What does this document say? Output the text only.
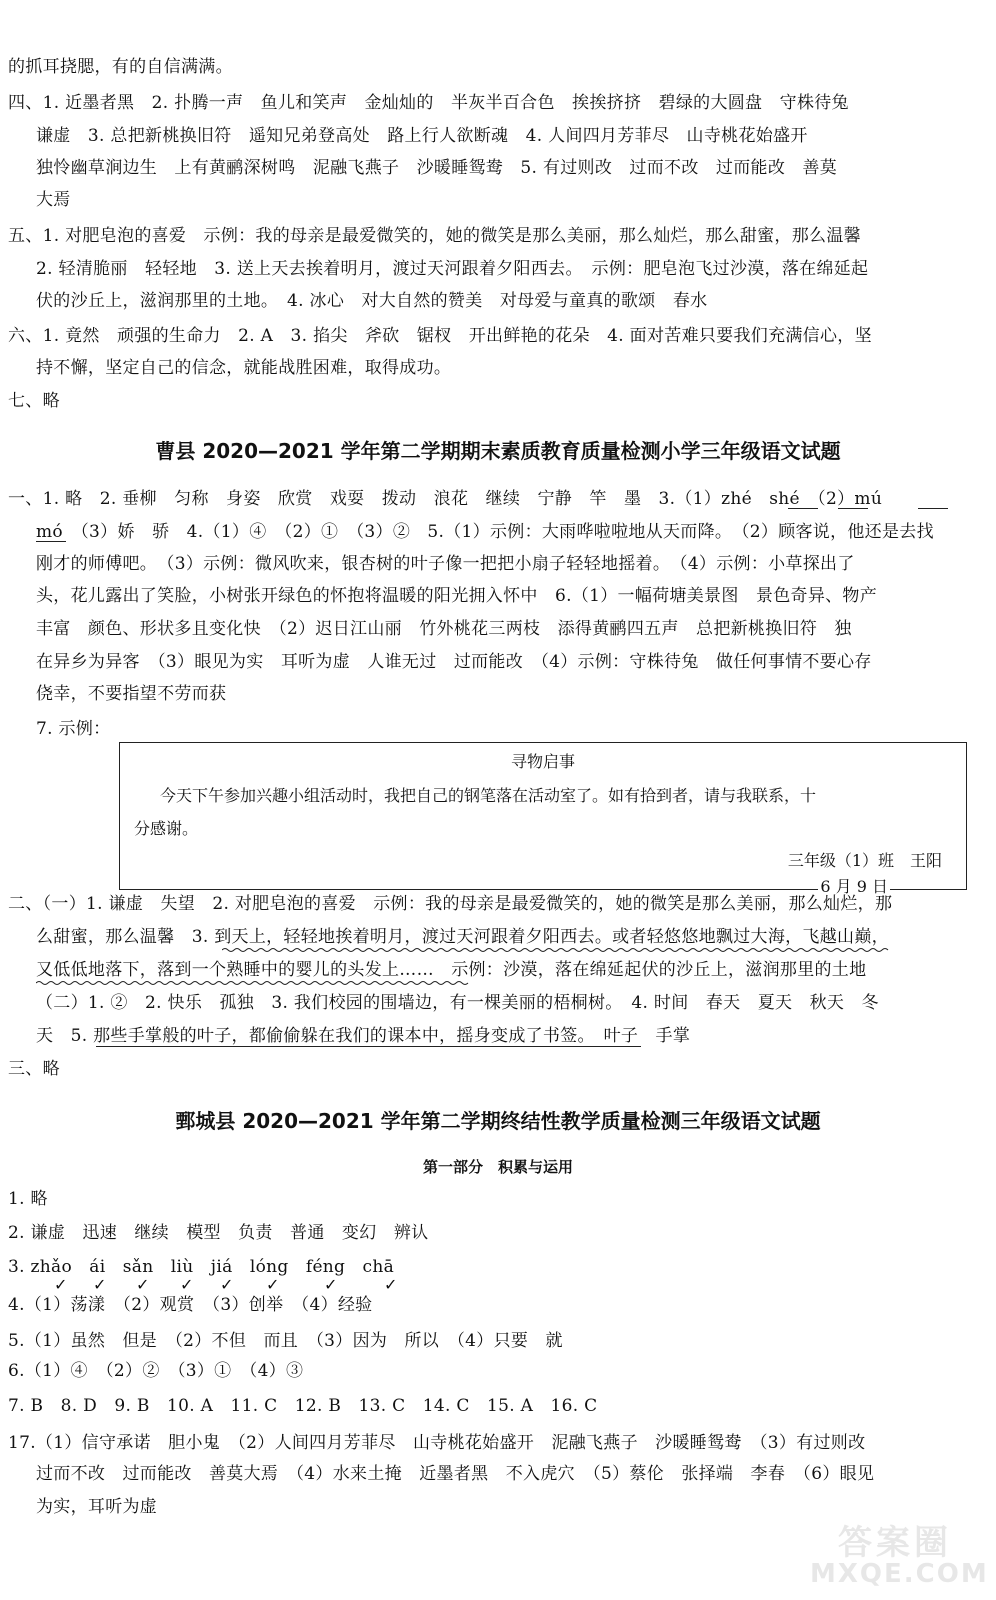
的抓耳挠腮，有的自信满满。
四、1. 近墨者黑　2. 扑腾一声　鱼儿和笑声　金灿灿的　半灰半百合色　挨挨挤挤　碧绿的大圆盘　守株待兔
谦虚　3. 总把新桃换旧符　遥知兄弟登高处　路上行人欲断魂　4. 人间四月芳菲尽　山寺桃花始盛开
独怜幽草涧边生　上有黄鹂深树鸣　泥融飞燕子　沙暖睡鸳鸯　5. 有过则改　过而不改　过而能改　善莫
大焉
五、1. 对肥皂泡的喜爱　示例：我的母亲是最爱微笑的，她的微笑是那么美丽，那么灿烂，那么甜蜜，那么温馨
2. 轻清脆丽　轻轻地　3. 送上天去挨着明月，渡过天河跟着夕阳西去。　示例：肥皂泡飞过沙漠，落在绵延起
伏的沙丘上，滋润那里的土地。　4. 冰心　对大自然的赞美　对母爱与童真的歌颂　春水
六、1. 竟然　顽强的生命力　2. A　3. 掐尖　斧砍　锯杈　开出鲜艳的花朵　4. 面对苦难只要我们充满信心，坚
持不懈，坚定自己的信念，就能战胜困难，取得成功。
七、略
曹县 2020—2021 学年第二学期期末素质教育质量检测小学三年级语文试题
一、1. 略　2. 垂柳　匀称　身姿　欣赏　戏耍　拨动　浪花　继续　宁静　竿　墨　3.（1）zhé　shé　（2）mú
mó　（3）娇　骄　4.（1）④　（2）①　（3）②　5.（1）示例：大雨哗啦啦地从天而降。　（2）顾客说，他还是去找
刚才的师傅吧。　（3）示例：微风吹来，银杏树的叶子像一把把小扇子轻轻地摇着。　（4）示例：小草探出了
头，花儿露出了笑脸，小树张开绿色的怀抱将温暖的阳光拥入怀中　6.（1）一幅荷塘美景图　景色奇异、物产
丰富　颜色、形状多且变化快　（2）迟日江山丽　竹外桃花三两枝　添得黄鹂四五声　总把新桃换旧符　独
在异乡为异客　（3）眼见为实　耳听为虚　人谁无过　过而能改　（4）示例：守株待兔　做任何事情不要心存
侥幸，不要指望不劳而获
7. 示例：
寻物启事
今天下午参加兴趣小组活动时，我把自己的钢笔落在活动室了。如有拾到者，请与我联系，十
分感谢。
三年级（1）班　王阳
6 月 9 日
二、（一）1. 谦虚　失望　2. 对肥皂泡的喜爱　示例：我的母亲是最爱微笑的，她的微笑是那么美丽，那么灿烂，那
么甜蜜，那么温馨　3. 到天上，轻轻地挨着明月，渡过天河跟着夕阳西去。或者轻悠悠地飘过大海，飞越山巅，
又低低地落下，落到一个熟睡中的婴儿的头发上……　示例：沙漠，落在绵延起伏的沙丘上，滋润那里的土地
（二）1. ②　2. 快乐　孤独　3. 我们校园的围墙边，有一棵美丽的梧桐树。　4. 时间　春天　夏天　秋天　冬
天　5. 那些手掌般的叶子，都偷偷躲在我们的课本中，摇身变成了书签。　叶子　手掌
三、略
鄄城县 2020—2021 学年第二学期终结性教学质量检测三年级语文试题
第一部分　积累与运用
1. 略
2. 谦虚　迅速　继续　模型　负责　普通　变幻　辨认
3. zhǎo　ái　sǎn　liù　jiá　lóng　féng　chā
✓ ✓ ✓ ✓ ✓ ✓	✓	✓
4.（1）荡漾　（2）观赏　（3）创举　（4）经验
5.（1）虽然　但是　（2）不但　而且　（3）因为　所以　（4）只要　就
6.（1）④　（2）②　（3）①　（4）③
7. B　8. D　9. B　10. A　11. C　12. B　13. C　14. C　15. A　16. C
17.（1）信守承诺　胆小鬼　（2）人间四月芳菲尽　山寺桃花始盛开　泥融飞燕子　沙暖睡鸳鸯　（3）有过则改
过而不改　过而能改　善莫大焉　（4）水来土掩　近墨者黑　不入虎穴　（5）蔡伦　张择端　李春　（6）眼见
为实，耳听为虚
答案圈
MXQE.COM
